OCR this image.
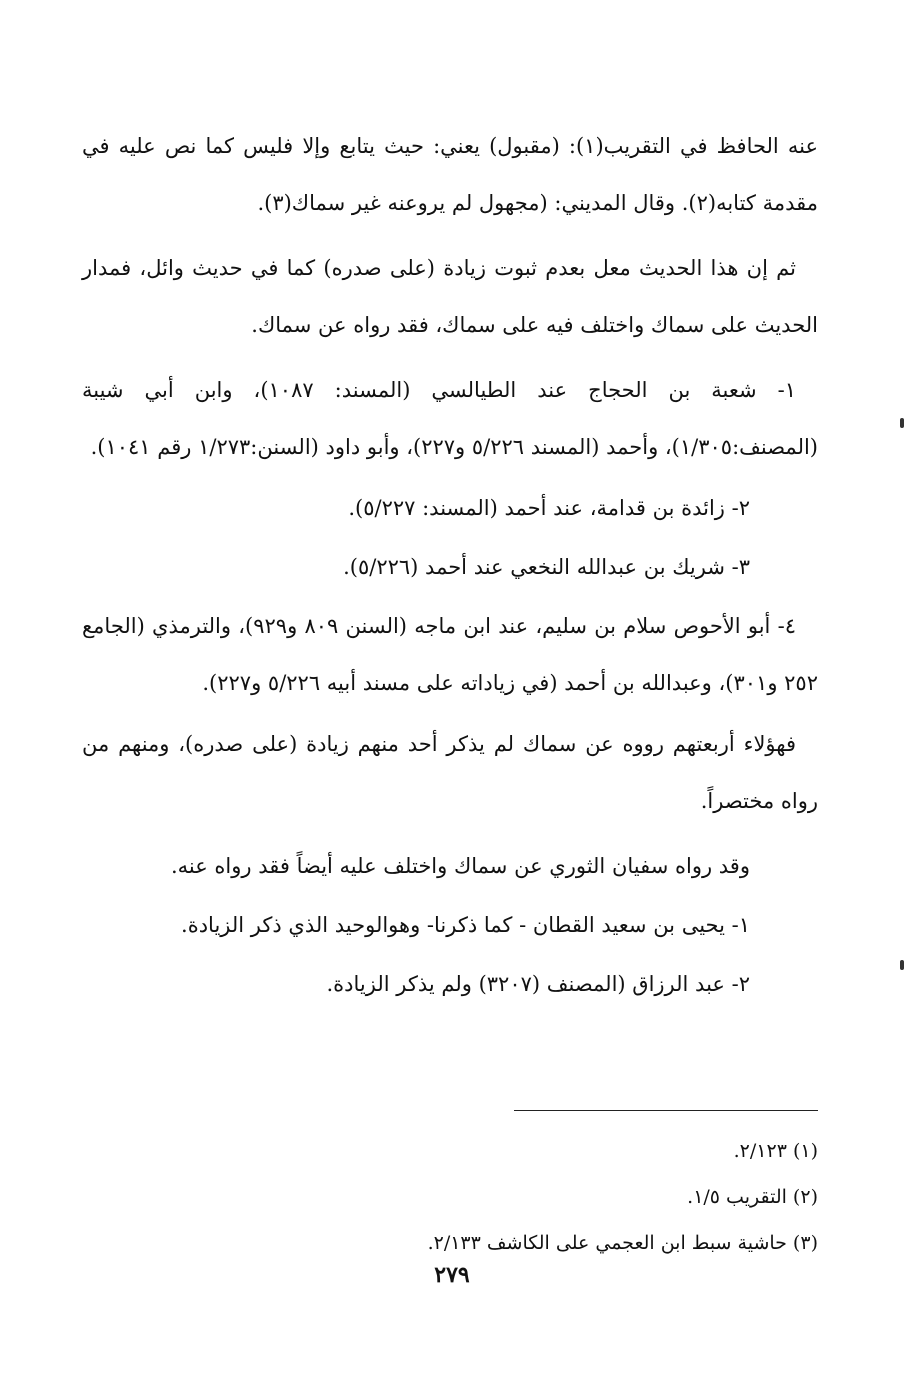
عنه الحافظ في التقريب(١): (مقبول) يعني: حيث يتابع وإلا فليس كما نص عليه في مقدمة كتابه(٢). وقال المديني: (مجهول لم يروعنه غير سماك(٣).

ثم إن هذا الحديث معل بعدم ثبوت زيادة (على صدره) كما في حديث وائل، فمدار الحديث على سماك واختلف فيه على سماك، فقد رواه عن سماك.

١- شعبة بن الحجاج عند الطيالسي (المسند: ١٠٨٧)، وابن أبي شيبة (المصنف:١/٣٠٥)، وأحمد (المسند ٥/٢٢٦ و٢٢٧)، وأبو داود (السنن:١/٢٧٣ رقم ١٠٤١).

٢- زائدة بن قدامة، عند أحمد (المسند: ٥/٢٢٧).

٣- شريك بن عبدالله النخعي عند أحمد (٥/٢٢٦).

٤- أبو الأحوص سلام بن سليم، عند ابن ماجه (السنن ٨٠٩ و٩٢٩)، والترمذي (الجامع ٢٥٢ و٣٠١)، وعبدالله بن أحمد (في زياداته على مسند أبيه ٥/٢٢٦ و٢٢٧).

فهؤلاء أربعتهم رووه عن سماك لم يذكر أحد منهم زيادة (على صدره)، ومنهم من رواه مختصراً.

وقد رواه سفيان الثوري عن سماك واختلف عليه أيضاً فقد رواه عنه.

١- يحيى بن سعيد القطان - كما ذكرنا- وهوالوحيد الذي ذكر الزيادة.

٢- عبد الرزاق (المصنف (٣٢٠٧) ولم يذكر الزيادة.

(١) ٢/١٢٣.

(٢) التقريب ١/٥.

(٣) حاشية سبط ابن العجمي على الكاشف ٢/١٣٣.

٢٧٩
